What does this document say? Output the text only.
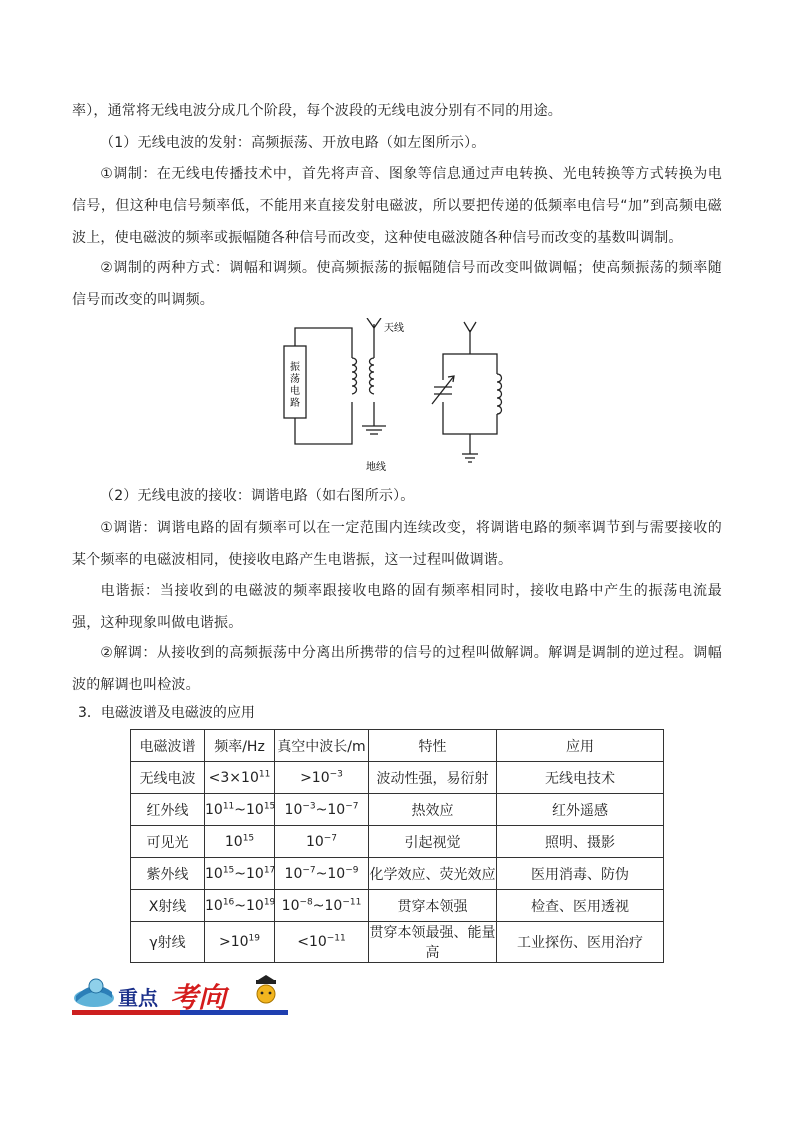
率），通常将无线电波分成几个阶段，每个波段的无线电波分别有不同的用途。
（1）无线电波的发射：高频振荡、开放电路（如左图所示）。
①调制：在无线电传播技术中，首先将声音、图象等信息通过声电转换、光电转换等方式转换为电信号，但这种电信号频率低，不能用来直接发射电磁波，所以要把传递的低频率电信号“加”到高频电磁波上，使电磁波的频率或振幅随各种信号而改变，这种使电磁波随各种信号而改变的基数叫调制。
②调制的两种方式：调幅和调频。使高频振荡的振幅随信号而改变叫做调幅；使高频振荡的频率随信号而改变的叫调频。
振
荡
电
路
天线
地线
（2）无线电波的接收：调谐电路（如右图所示）。
①调谐：调谐电路的固有频率可以在一定范围内连续改变，将调谐电路的频率调节到与需要接收的某个频率的电磁波相同，使接收电路产生电谐振，这一过程叫做调谐。
电谐振：当接收到的电磁波的频率跟接收电路的固有频率相同时，接收电路中产生的振荡电流最强，这种现象叫做电谐振。
②解调：从接收到的高频振荡中分离出所携带的信号的过程叫做解调。解调是调制的逆过程。调幅波的解调也叫检波。
3．电磁波谱及电磁波的应用
电磁波谱	频率/Hz	真空中波长/m	特性	应用
无线电波	$<3\times 10^{11}$	$>10^{-3}$	波动性强，易衍射	无线电技术
红外线	$10^{11}\sim 10^{15}$	$10^{-3}\sim 10^{-7}$	热效应	红外遥感
可见光	$10^{15}$	$10^{-7}$	引起视觉	照明、摄影
紫外线	$10^{15}\sim 10^{17}$	$10^{-7}\sim 10^{-9}$	化学效应、荧光效应	医用消毒、防伪
X射线	$10^{16}\sim 10^{19}$	$10^{-8}\sim 10^{-11}$	贯穿本领强	检查、医用透视
γ射线	$>10^{19}$	$<10^{-11}$	贯穿本领最强、能量高	工业探伤、医用治疗
重点 考向
